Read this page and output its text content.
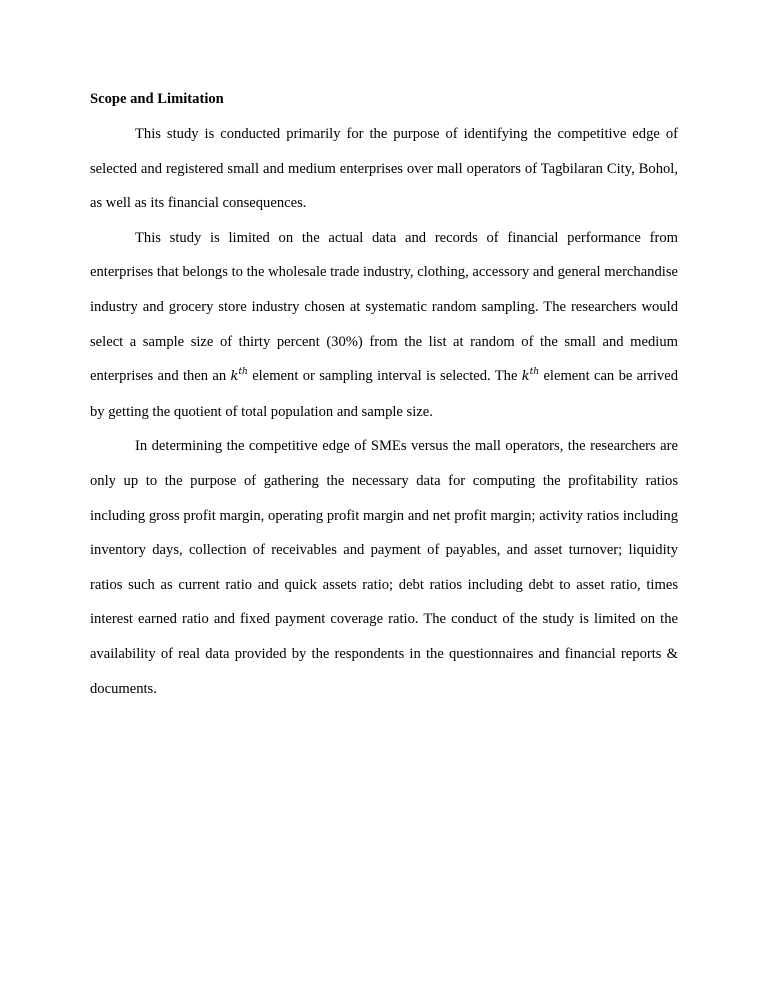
Scope and Limitation

This study is conducted primarily for the purpose of identifying the competitive edge of selected and registered small and medium enterprises over mall operators of Tagbilaran City, Bohol, as well as its financial consequences.

This study is limited on the actual data and records of financial performance from enterprises that belongs to the wholesale trade industry, clothing, accessory and general merchandise industry and grocery store industry chosen at systematic random sampling. The researchers would select a sample size of thirty percent (30%) from the list at random of the small and medium enterprises and then an $k^{th}$ element or sampling interval is selected. The $k^{th}$ element can be arrived by getting the quotient of total population and sample size.

In determining the competitive edge of SMEs versus the mall operators, the researchers are only up to the purpose of gathering the necessary data for computing the profitability ratios including gross profit margin, operating profit margin and net profit margin; activity ratios including inventory days, collection of receivables and payment of payables, and asset turnover; liquidity ratios such as current ratio and quick assets ratio; debt ratios including debt to asset ratio, times interest earned ratio and fixed payment coverage ratio. The conduct of the study is limited on the availability of real data provided by the respondents in the questionnaires and financial reports & documents.
